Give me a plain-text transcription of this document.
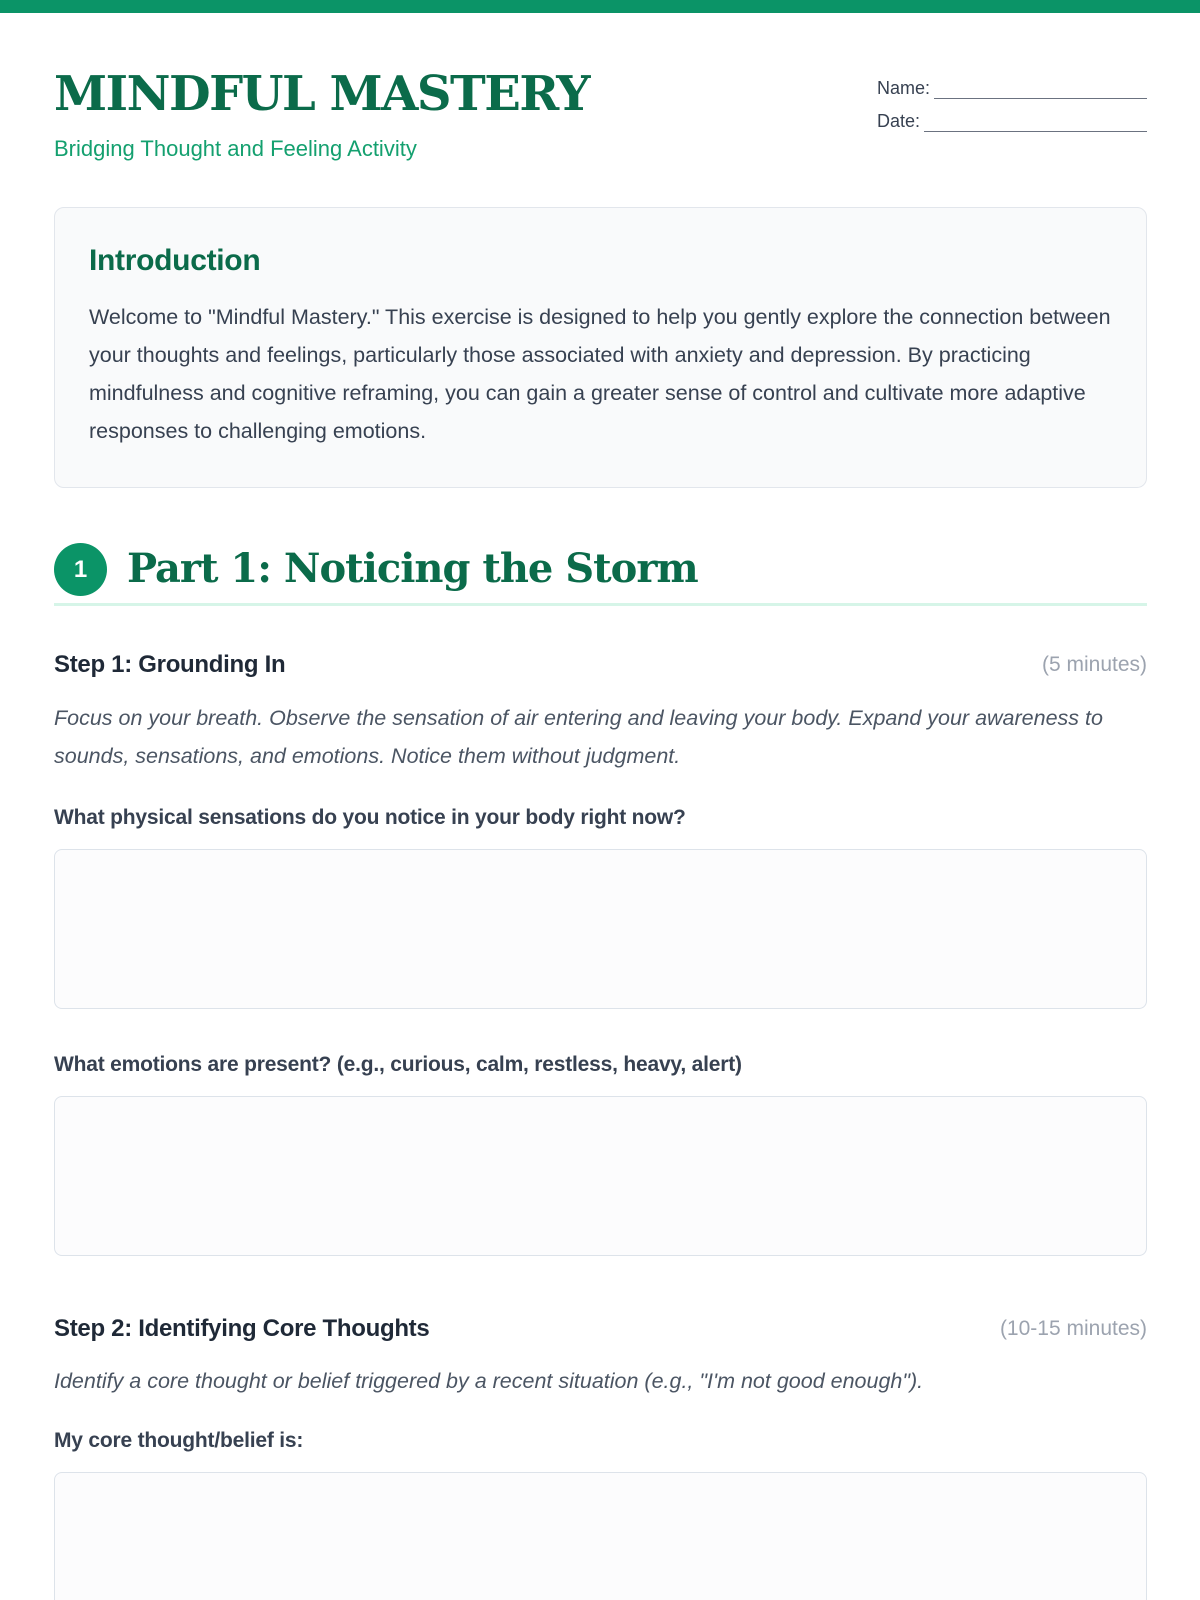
MINDFUL MASTERY
Bridging Thought and Feeling Activity
Name:
Date:
Introduction

Welcome to "Mindful Mastery." This exercise is designed to help you gently explore the connection between your thoughts and feelings, particularly those associated with anxiety and depression. By practicing mindfulness and cognitive reframing, you can gain a greater sense of control and cultivate more adaptive responses to challenging emotions.

1 Part 1: Noticing the Storm
Step 1: Grounding In	(5 minutes)

Focus on your breath. Observe the sensation of air entering and leaving your body. Expand your awareness to sounds, sensations, and emotions. Notice them without judgment.

What physical sensations do you notice in your body right now?
What emotions are present? (e.g., curious, calm, restless, heavy, alert)
Step 2: Identifying Core Thoughts	(10-15 minutes)

Identify a core thought or belief triggered by a recent situation (e.g., "I'm not good enough").

My core thought/belief is:
